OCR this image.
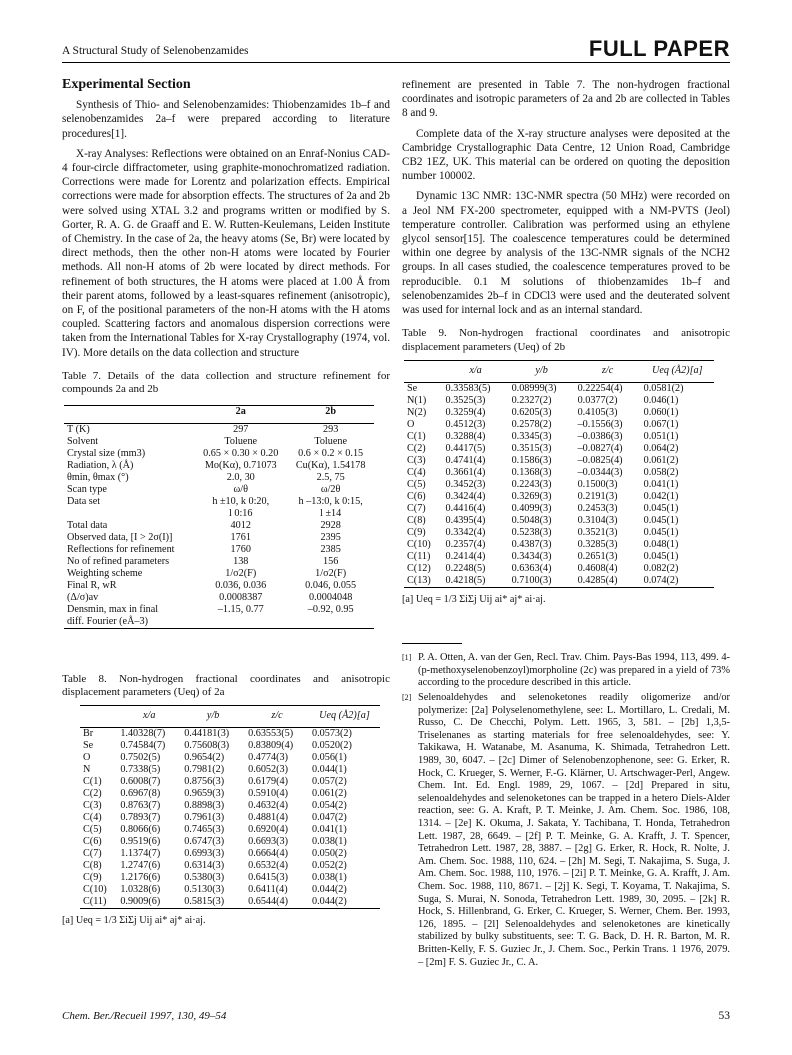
A Structural Study of Selenobenzamides	FULL PAPER
Experimental Section

Synthesis of Thio- and Selenobenzamides: Thiobenzamides 1b–f and selenobenzamides 2a–f were prepared according to literature procedures[1].

X-ray Analyses: Reflections were obtained on an Enraf-Nonius CAD-4 four-circle diffractometer, using graphite-monochromatized radiation. Corrections were made for Lorentz and polarization effects. Empirical corrections were made for absorption effects. The structures of 2a and 2b were solved using XTAL 3.2 and programs written or modified by S. Gorter, R. A. G. de Graaff and E. W. Rutten-Keulemans, Leiden Institute of Chemistry. In the case of 2a, the heavy atoms (Se, Br) were located by direct methods, then the other non-H atoms were located by Fourier methods. All non-H atoms of 2b were located by direct methods. For refinement of both structures, the H atoms were placed at 1.00 Å from their parent atoms, followed by a least-squares refinement (anisotropic), on F, of the positional parameters of the non-H atoms with the H atoms coupled. Scattering factors and anomalous dispersion corrections were taken from the International Tables for X-ray Crystallography (1974, vol. IV). More details on the data collection and structure

Table 7. Details of the data collection and structure refinement for compounds 2a and 2b

	2a	2b
T (K)	297	293
Solvent	Toluene	Toluene
Crystal size (mm3)	0.65 × 0.30 × 0.20	0.6 × 0.2 × 0.15
Radiation, λ (Å)	Mo(Kα), 0.71073	Cu(Kα), 1.54178
θmin, θmax (°)	2.0, 30	2.5, 75
Scan type	ω/θ	ω/2θ
Data set	h ±10, k 0:20,	h –13:0, k 0:15,
	l 0:16	l ±14
Total data	4012	2928
Observed data, [I > 2σ(I)]	1761	2395
Reflections for refinement	1760	2385
No of refined parameters	138	156
Weighting scheme	1/σ2(F)	1/σ2(F)
Final R, wR	0.036, 0.036	0.046, 0.055
(Δ/σ)av	0.0008387	0.0004048
Densmin, max in final	–1.15, 0.77	–0.92, 0.95
diff. Fourier (eÅ–3)		

Table 8. Non-hydrogen fractional coordinates and anisotropic displacement parameters (Ueq) of 2a

	x/a	y/b	z/c	Ueq (Å2)[a]
Br	1.40328(7)	0.44181(3)	0.63553(5)	0.0573(2)
Se	0.74584(7)	0.75608(3)	0.83809(4)	0.0520(2)
O	0.7502(5)	0.9654(2)	0.4774(3)	0.056(1)
N	0.7338(5)	0.7981(2)	0.6052(3)	0.044(1)
C(1)	0.6008(7)	0.8756(3)	0.6179(4)	0.057(2)
C(2)	0.6967(8)	0.9659(3)	0.5910(4)	0.061(2)
C(3)	0.8763(7)	0.8898(3)	0.4632(4)	0.054(2)
C(4)	0.7893(7)	0.7961(3)	0.4881(4)	0.047(2)
C(5)	0.8066(6)	0.7465(3)	0.6920(4)	0.041(1)
C(6)	0.9519(6)	0.6747(3)	0.6693(3)	0.038(1)
C(7)	1.1374(7)	0.6993(3)	0.6664(4)	0.050(2)
C(8)	1.2747(6)	0.6314(3)	0.6532(4)	0.052(2)
C(9)	1.2176(6)	0.5380(3)	0.6415(3)	0.038(1)
C(10)	1.0328(6)	0.5130(3)	0.6411(4)	0.044(2)
C(11)	0.9009(6)	0.5815(3)	0.6544(4)	0.044(2)

[a] Ueq = 1/3 ΣiΣj Uij ai* aj* ai·aj.

refinement are presented in Table 7. The non-hydrogen fractional coordinates and isotropic parameters of 2a and 2b are collected in Tables 8 and 9.

Complete data of the X-ray structure analyses were deposited at the Cambridge Crystallographic Data Centre, 12 Union Road, Cambridge CB2 1EZ, UK. This material can be ordered on quoting the deposition number 100002.

Dynamic 13C NMR: 13C-NMR spectra (50 MHz) were recorded on a Jeol NM FX-200 spectrometer, equipped with a NM-PVTS (Jeol) temperature controller. Calibration was performed using an ethylene glycol sensor[15]. The coalescence temperatures could be determined within one degree by analysis of the 13C-NMR signals of the NCH2 groups. In all cases studied, the coalescence temperatures proved to be reproducible. 0.1 M solutions of thiobenzamides 1b–f and selenobenzamides 2b–f in CDCl3 were used and the deuterated solvent was used for internal lock and as an internal standard.

Table 9. Non-hydrogen fractional coordinates and anisotropic displacement parameters (Ueq) of 2b

	x/a	y/b	z/c	Ueq (Å2)[a]
Se	0.33583(5)	0.08999(3)	0.22254(4)	0.0581(2)
N(1)	0.3525(3)	0.2327(2)	0.0377(2)	0.046(1)
N(2)	0.3259(4)	0.6205(3)	0.4105(3)	0.060(1)
O	0.4512(3)	0.2578(2)	–0.1556(3)	0.067(1)
C(1)	0.3288(4)	0.3345(3)	–0.0386(3)	0.051(1)
C(2)	0.4417(5)	0.3515(3)	–0.0827(4)	0.064(2)
C(3)	0.4741(4)	0.1586(3)	–0.0825(4)	0.061(2)
C(4)	0.3661(4)	0.1368(3)	–0.0344(3)	0.058(2)
C(5)	0.3452(3)	0.2243(3)	0.1500(3)	0.041(1)
C(6)	0.3424(4)	0.3269(3)	0.2191(3)	0.042(1)
C(7)	0.4416(4)	0.4099(3)	0.2453(3)	0.045(1)
C(8)	0.4395(4)	0.5048(3)	0.3104(3)	0.045(1)
C(9)	0.3342(4)	0.5238(3)	0.3521(3)	0.045(1)
C(10)	0.2357(4)	0.4387(3)	0.3285(3)	0.048(1)
C(11)	0.2414(4)	0.3434(3)	0.2651(3)	0.045(1)
C(12)	0.2248(5)	0.6363(4)	0.4608(4)	0.082(2)
C(13)	0.4218(5)	0.7100(3)	0.4285(4)	0.074(2)

[a] Ueq = 1/3 ΣiΣj Uij ai* aj* ai·aj.

[1] P. A. Otten, A. van der Gen, Recl. Trav. Chim. Pays-Bas 1994, 113, 499. 4-(p-methoxyselenobenzoyl)morpholine (2c) was prepared in a yield of 73% according to the procedure described in this article.
[2] Selenoaldehydes and selenoketones readily oligomerize and/or polymerize: [2a] Polyselenomethylene, see: L. Mortillaro, L. Credali, M. Russo, C. De Checchi, Polym. Lett. 1965, 3, 581. – [2b] 1,3,5-Triselenanes as starting materials for free selenoaldehydes, see: Y. Takikawa, H. Watanabe, M. Asanuma, K. Shimada, Tetrahedron Lett. 1989, 30, 6047. – [2c] Dimer of Selenobenzophenone, see: G. Erker, R. Hock, C. Krueger, S. Werner, F.-G. Klärner, U. Artschwager-Perl, Angew. Chem. Int. Ed. Engl. 1989, 29, 1067. – [2d] Prepared in situ, selenoaldehydes and selenoketones can be trapped in a hetero Diels-Alder reaction, see: G. A. Kraft, P. T. Meinke, J. Am. Chem. Soc. 1986, 108, 1314. – [2e] K. Okuma, J. Sakata, Y. Tachibana, T. Honda, Tetrahedron Lett. 1987, 28, 6649. – [2f] P. T. Meinke, G. A. Krafft, J. T. Spencer, Tetrahedron Lett. 1987, 28, 3887. – [2g] G. Erker, R. Hock, R. Nolte, J. Am. Chem. Soc. 1988, 110, 624. – [2h] M. Segi, T. Nakajima, S. Suga, J. Am. Chem. Soc. 1988, 110, 1976. – [2i] P. T. Meinke, G. A. Krafft, J. Am. Chem. Soc. 1988, 110, 8671. – [2j] K. Segi, T. Koyama, T. Nakajima, S. Suga, S. Murai, N. Sonoda, Tetrahedron Lett. 1989, 30, 2095. – [2k] R. Hock, S. Hillenbrand, G. Erker, C. Krueger, S. Werner, Chem. Ber. 1993, 126, 1895. – [2l] Selenoaldehydes and selenoketones are kinetically stabilized by bulky substituents, see: T. G. Back, D. H. R. Barton, M. R. Britten-Kelly, F. S. Guziec Jr., J. Chem. Soc., Perkin Trans. 1 1976, 2079. – [2m] F. S. Guziec Jr., C. A.
Chem. Ber./Recueil 1997, 130, 49–54	53
